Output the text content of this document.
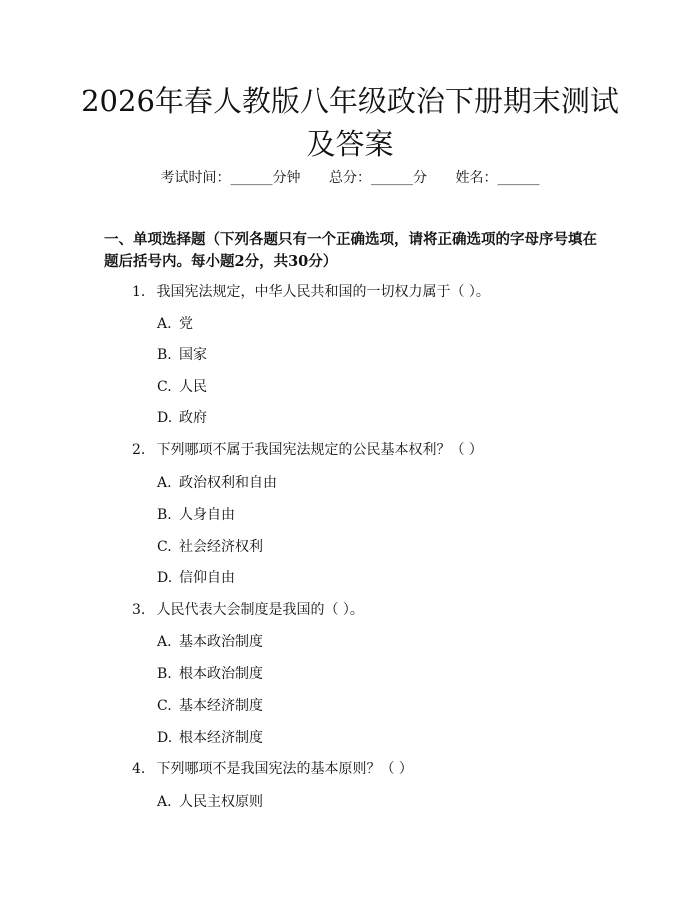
2026年春人教版八年级政治下册期末测试及答案
考试时间：______分钟 总分：______分 姓名：______
一、单项选择题（下列各题只有一个正确选项，请将正确选项的字母序号填在题后括号内。每小题2分，共30分）
1. 我国宪法规定，中华人民共和国的一切权力属于（ ）。
A. 党
B. 国家
C. 人民
D. 政府
2. 下列哪项不属于我国宪法规定的公民基本权利？（ ）
A. 政治权利和自由
B. 人身自由
C. 社会经济权利
D. 信仰自由
3. 人民代表大会制度是我国的（ ）。
A. 基本政治制度
B. 根本政治制度
C. 基本经济制度
D. 根本经济制度
4. 下列哪项不是我国宪法的基本原则？（ ）
A. 人民主权原则
